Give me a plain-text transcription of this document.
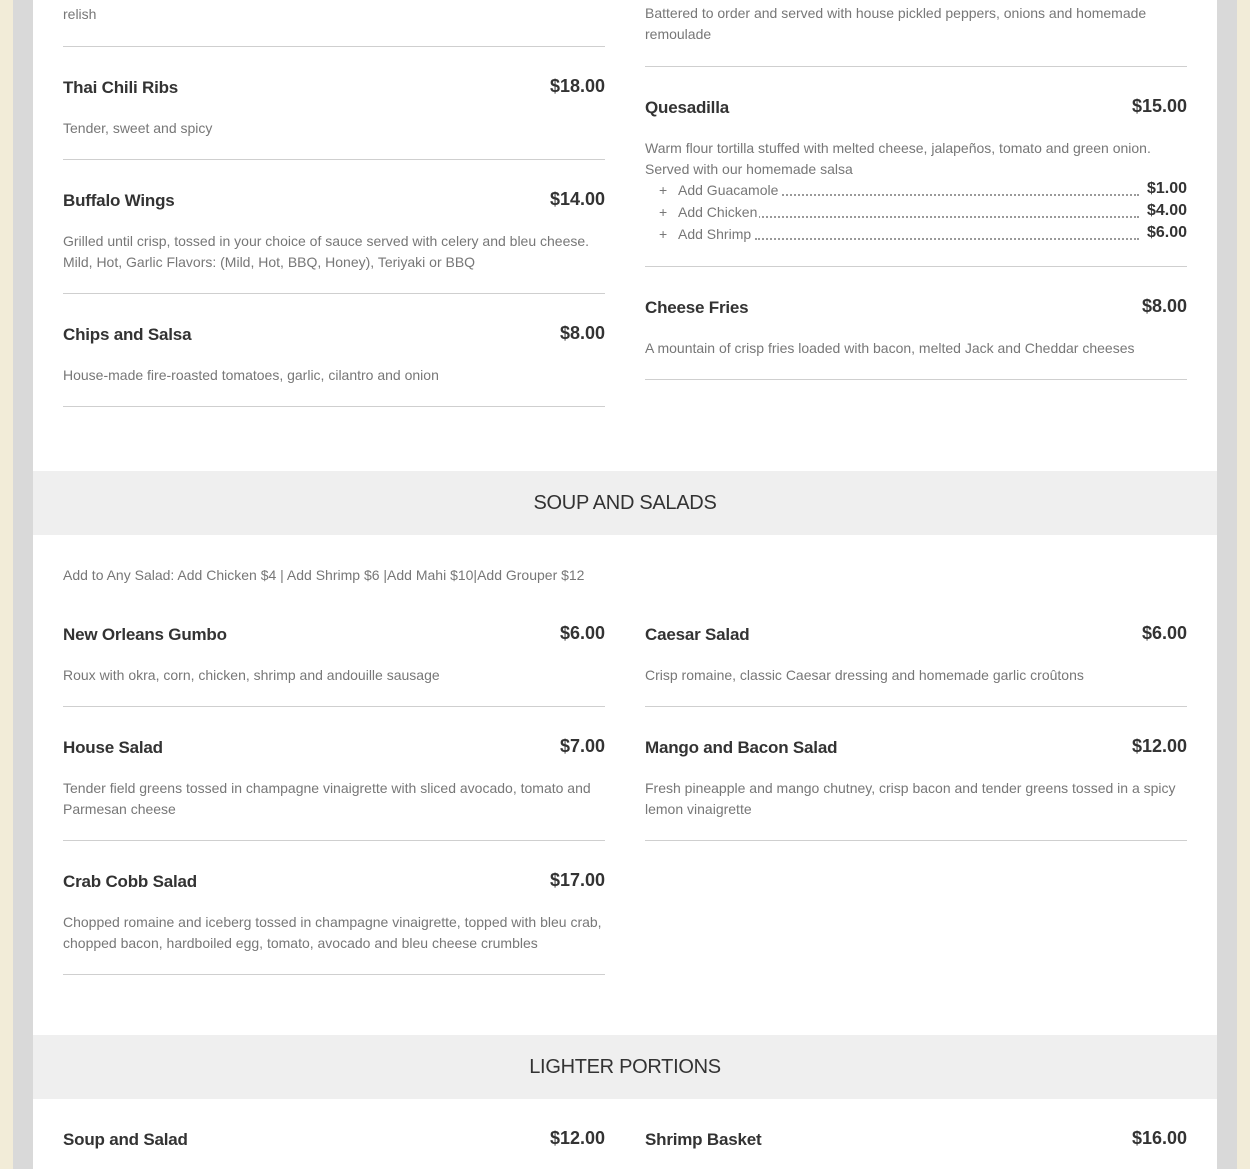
relish
Thai Chili Ribs	$18.00
Tender, sweet and spicy
Buffalo Wings	$14.00
Grilled until crisp, tossed in your choice of sauce served with celery and bleu cheese. Mild, Hot, Garlic Flavors: (Mild, Hot, BBQ, Honey), Teriyaki or BBQ
Chips and Salsa	$8.00
House-made fire-roasted tomatoes, garlic, cilantro and onion
Battered to order and served with house pickled peppers, onions and homemade remoulade
Quesadilla	$15.00
Warm flour tortilla stuffed with melted cheese, jalapeños, tomato and green onion. Served with our homemade salsa
+ Add Guacamole	$1.00
+ Add Chicken	$4.00
+ Add Shrimp	$6.00
Cheese Fries	$8.00
A mountain of crisp fries loaded with bacon, melted Jack and Cheddar cheeses
SOUP AND SALADS
Add to Any Salad: Add Chicken $4 | Add Shrimp $6 |Add Mahi $10|Add Grouper $12
New Orleans Gumbo	$6.00
Roux with okra, corn, chicken, shrimp and andouille sausage
House Salad	$7.00
Tender field greens tossed in champagne vinaigrette with sliced avocado, tomato and Parmesan cheese
Crab Cobb Salad	$17.00
Chopped romaine and iceberg tossed in champagne vinaigrette, topped with bleu crab, chopped bacon, hardboiled egg, tomato, avocado and bleu cheese crumbles
Caesar Salad	$6.00
Crisp romaine, classic Caesar dressing and homemade garlic croûtons
Mango and Bacon Salad	$12.00
Fresh pineapple and mango chutney, crisp bacon and tender greens tossed in a spicy lemon vinaigrette
LIGHTER PORTIONS
Soup and Salad	$12.00 Shrimp Basket	$16.00
